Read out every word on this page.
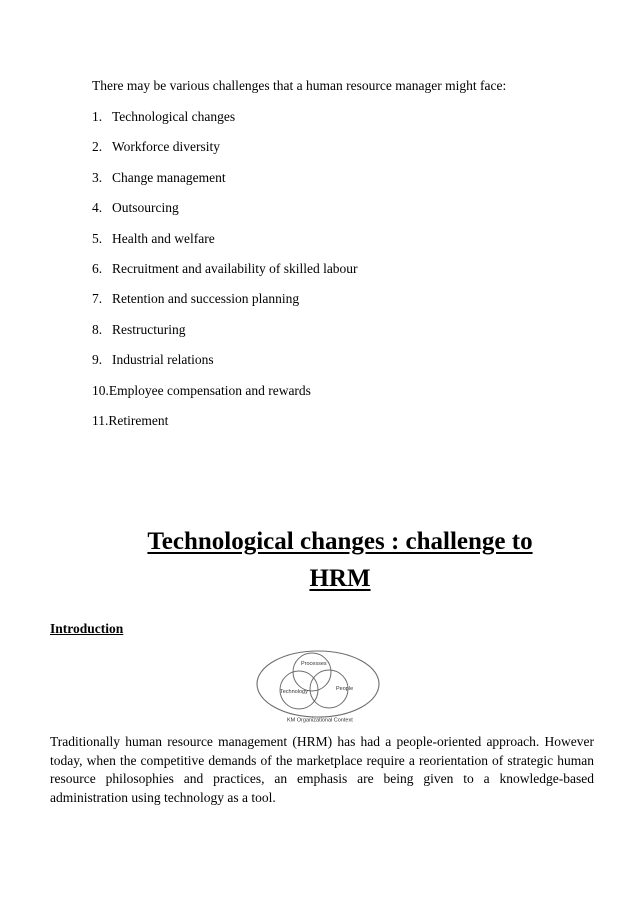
There may be various challenges that a human resource manager might face:
1. Technological changes
2. Workforce diversity
3. Change management
4. Outsourcing
5. Health and welfare
6. Recruitment and availability of skilled labour
7. Retention and succession planning
8. Restructuring
9. Industrial relations
10. Employee compensation and rewards
11. Retirement
Technological changes : challenge to
HRM
Introduction
Processes
Technology	People
KM Organizational Context

Traditionally human resource management (HRM) has had a people-oriented approach. However today, when the competitive demands of the marketplace require a reorientation of strategic human resource philosophies and practices, an emphasis are being given to a knowledge-based administration using technology as a tool.
